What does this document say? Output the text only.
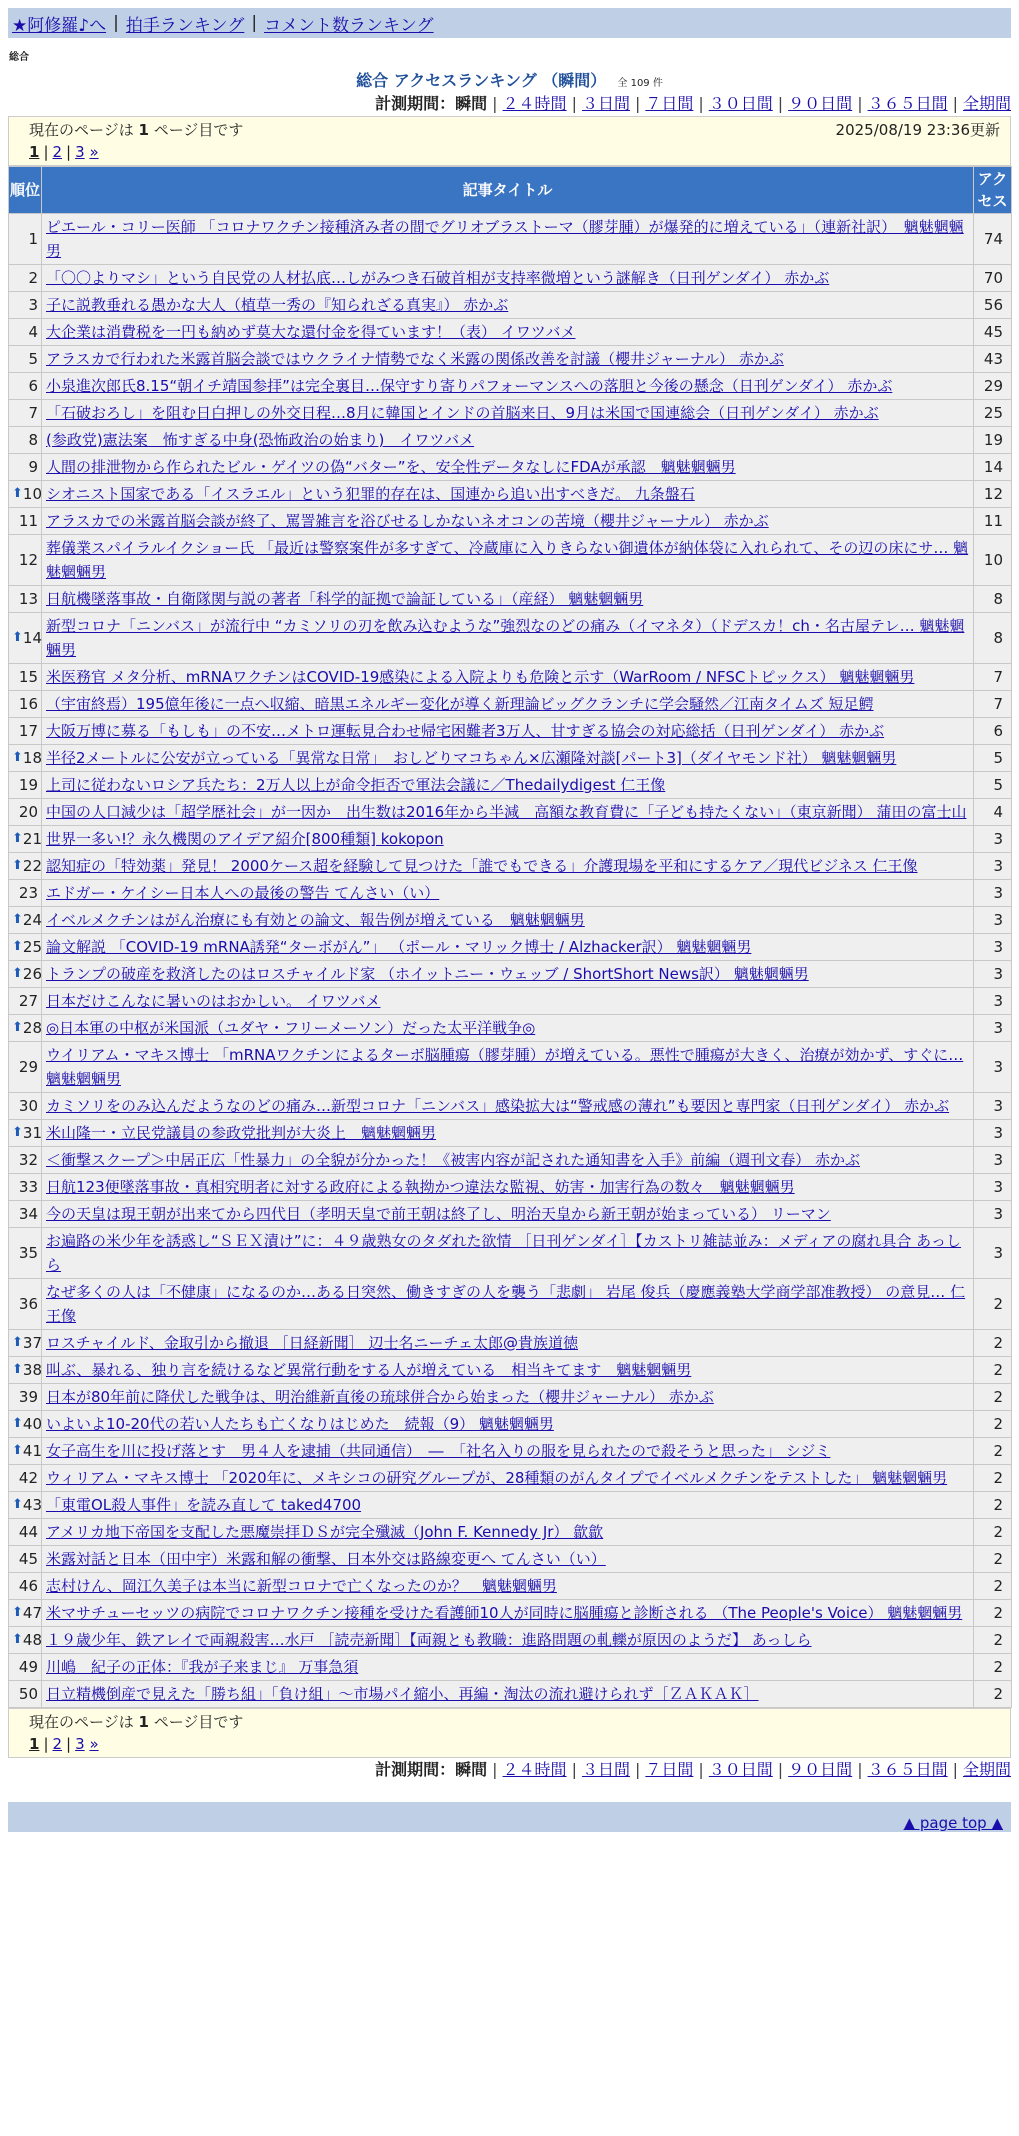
★阿修羅♪へ | 拍手ランキング | コメント数ランキング
総合
総合 アクセスランキング （瞬間） 全 109 件
計測期間：瞬間 | ２４時間 | ３日間 | ７日間 | ３０日間 | ９０日間 | ３６５日間 | 全期間
現在のページは 1 ページ目です	2025/08/19 23:36更新
1 | 2 | 3 »
順位	記事タイトル	アクセス
1	ピエール・コリー医師 「コロナワクチン接種済み者の間でグリオブラストーマ（膠芽腫）が爆発的に増えている」（連新社訳）　魑魅魍魎男	74
2	「〇〇よりマシ」という自民党の人材払底…しがみつき石破首相が支持率微増という謎解き（日刊ゲンダイ） 赤かぶ	70
3	子に説教垂れる愚かな大人（植草一秀の『知られざる真実』） 赤かぶ	56
4	大企業は消費税を一円も納めず莫大な還付金を得ています！（表） イワツバメ	45
5	アラスカで行われた米露首脳会談ではウクライナ情勢でなく米露の関係改善を討議（櫻井ジャーナル） 赤かぶ	43
6	小泉進次郎氏8.15“朝イチ靖国参拝”は完全裏目…保守すり寄りパフォーマンスへの落胆と今後の懸念（日刊ゲンダイ） 赤かぶ	29
7	「石破おろし」を阻む日白押しの外交日程…8月に韓国とインドの首脳来日、9月は米国で国連総会（日刊ゲンダイ） 赤かぶ	25
8	(参政党)憲法案　怖すぎる中身(恐怖政治の始まり)　イワツバメ	19
9	人間の排泄物から作られたビル・ゲイツの偽“バター”を、安全性データなしにFDAが承認　魑魅魍魎男	14

⬆ 10	シオニスト国家である「イスラエル」という犯罪的存在は、国連から追い出すべきだ。 九条盤石	12
11	アラスカでの米露首脳会談が終了、罵詈雑言を浴びせるしかないネオコンの苦境（櫻井ジャーナル） 赤かぶ	11
12	葬儀業スパイラルイクショー氏 「最近は警察案件が多すぎて、冷蔵庫に入りきらない御遺体が納体袋に入れられて、その辺の床にサ… 魑魅魍魎男	10
13	日航機墜落事故・自衛隊関与説の著者「科学的証拠で論証している」（産経） 魑魅魍魎男	8

⬆ 14	新型コロナ「ニンバス」が流行中 “カミソリの刃を飲み込むような”強烈なのどの痛み（イマネタ）（ドデスカ！ch・名古屋テレ… 魑魅魍魎男	8
15	米医務官 メタ分析、mRNAワクチンはCOVID-19感染による入院よりも危険と示す（WarRoom / NFSCトピックス） 魑魅魍魎男	7
16	（宇宙終焉）195億年後に一点へ収縮、暗黒エネルギー変化が導く新理論ビッグクランチに学会騒然／江南タイムズ 短足鰐	7
17	大阪万博に募る「もしも」の不安…メトロ運転見合わせ帰宅困難者3万人、甘すぎる協会の対応総括（日刊ゲンダイ） 赤かぶ	6

⬆ 18	半径2メートルに公安が立っている「異常な日常」　おしどりマコちゃん×広瀬隆対談[パート3]（ダイヤモンド社） 魑魅魍魎男	5
19	上司に従わないロシア兵たち：2万人以上が命令拒否で軍法会議に／Thedailydigest 仁王像	5
20	中国の人口減少は「超学歴社会」が一因か　出生数は2016年から半減　高額な教育費に「子ども持たくない」（東京新聞） 蒲田の富士山	4

⬆ 21	世界一多い!？永久機関のアイデア紹介[800種類] kokopon	3

⬆ 22	認知症の「特効薬」発見！ 2000ケース超を経験して見つけた「誰でもできる」介護現場を平和にするケア／現代ビジネス 仁王像	3
23	エドガー・ケイシー日本人への最後の警告 てんさい（い）	3

⬆ 24	イベルメクチンはがん治療にも有効との論文、報告例が増えている　魑魅魍魎男	3

⬆ 25	論文解説 「COVID-19 mRNA誘発“ターボがん”」 （ポール・マリック博士 / Alzhacker訳） 魑魅魍魎男	3

⬆ 26	トランプの破産を救済したのはロスチャイルド家 （ホイットニー・ウェッブ / ShortShort News訳） 魑魅魍魎男	3
27	日本だけこんなに暑いのはおかしい。 イワツバメ	3

⬆ 28	◎日本軍の中枢が米国派（ユダヤ・フリーメーソン）だった太平洋戦争◎	3
29	ウイリアム・マキス博士 「mRNAワクチンによるターボ脳腫瘍（膠芽腫）が増えている。悪性で腫瘍が大きく、治療が効かず、すぐに… 魑魅魍魎男	3
30	カミソリをのみ込んだようなのどの痛み…新型コロナ「ニンバス」感染拡大は“警戒感の薄れ”も要因と専門家（日刊ゲンダイ） 赤かぶ	3

⬆ 31	米山隆一・立民党議員の参政党批判が大炎上　魑魅魍魎男	3
32	＜衝撃スクープ＞中居正広「性暴力」の全貌が分かった！《被害内容が記された通知書を入手》前編（週刊文春） 赤かぶ	3
33	日航123便墜落事故・真相究明者に対する政府による執拗かつ違法な監視、妨害・加害行為の数々　魑魅魍魎男	3
34	今の天皇は現王朝が出来てから四代目（孝明天皇で前王朝は終了し、明治天皇から新王朝が始まっている） リーマン	3
35	お遍路の米少年を誘惑し“ＳＥＸ漬け”に：４９歳熟女のタダれた欲情 ［日刊ゲンダイ］【カストリ雑誌並み：メディアの腐れ具合 あっしら	3
36	なぜ多くの人は「不健康」になるのか…ある日突然、働きすぎの人を襲う「悲劇」 岩尾 俊兵（慶應義塾大学商学部准教授） の意見… 仁王像	2

⬆ 37	ロスチャイルド、金取引から撤退 ［日経新聞］ 辺士名ニーチェ太郎@貴族道徳	2

⬆ 38	叫ぶ、暴れる、独り言を続けるなど異常行動をする人が増えている　相当キてます　魑魅魍魎男	2
39	日本が80年前に降伏した戦争は、明治維新直後の琉球併合から始まった（櫻井ジャーナル） 赤かぶ	2

⬆ 40	いよいよ10-20代の若い人たちも亡くなりはじめた　続報（9） 魑魅魍魎男	2

⬆ 41	女子高生を川に投げ落とす　男４人を逮捕（共同通信）　―　「社名入りの服を見られたので殺そうと思った」 シジミ	2
42	ウィリアム・マキス博士 「2020年に、メキシコの研究グループが、28種類のがんタイプでイベルメクチンをテストした」 魑魅魍魎男	2

⬆ 43	「東電OL殺人事件」を読み直して taked4700	2
44	アメリカ地下帝国を支配した悪魔崇拝ＤＳが完全殲滅（John F. Kennedy Jr） 歙歙	2
45	米露対話と日本（田中宇）米露和解の衝撃、日本外交は路線変更へ てんさい（い）	2
46	志村けん、岡江久美子は本当に新型コロナで亡くなったのか？　魑魅魍魎男	2

⬆ 47	米マサチューセッツの病院でコロナワクチン接種を受けた看護師10人が同時に脳腫瘍と診断される （The People's Voice） 魑魅魍魎男	2

⬆ 48	１９歳少年、鉄アレイで両親殺害…水戸 ［読売新聞］【両親とも教職：進路問題の軋轢が原因のようだ】 あっしら	2
49	川嶋　紀子の正体：『我が子来まじ』 万事急須	2
50	日立精機倒産で見えた「勝ち組」「負け組」～市場パイ縮小、再編・淘汰の流れ避けられず［ＺＡＫＡＫ］	2
現在のページは 1 ページ目です
1 | 2 | 3 »
計測期間：瞬間 | ２４時間 | ３日間 | ７日間 | ３０日間 | ９０日間 | ３６５日間 | 全期間
▲ page top ▲
